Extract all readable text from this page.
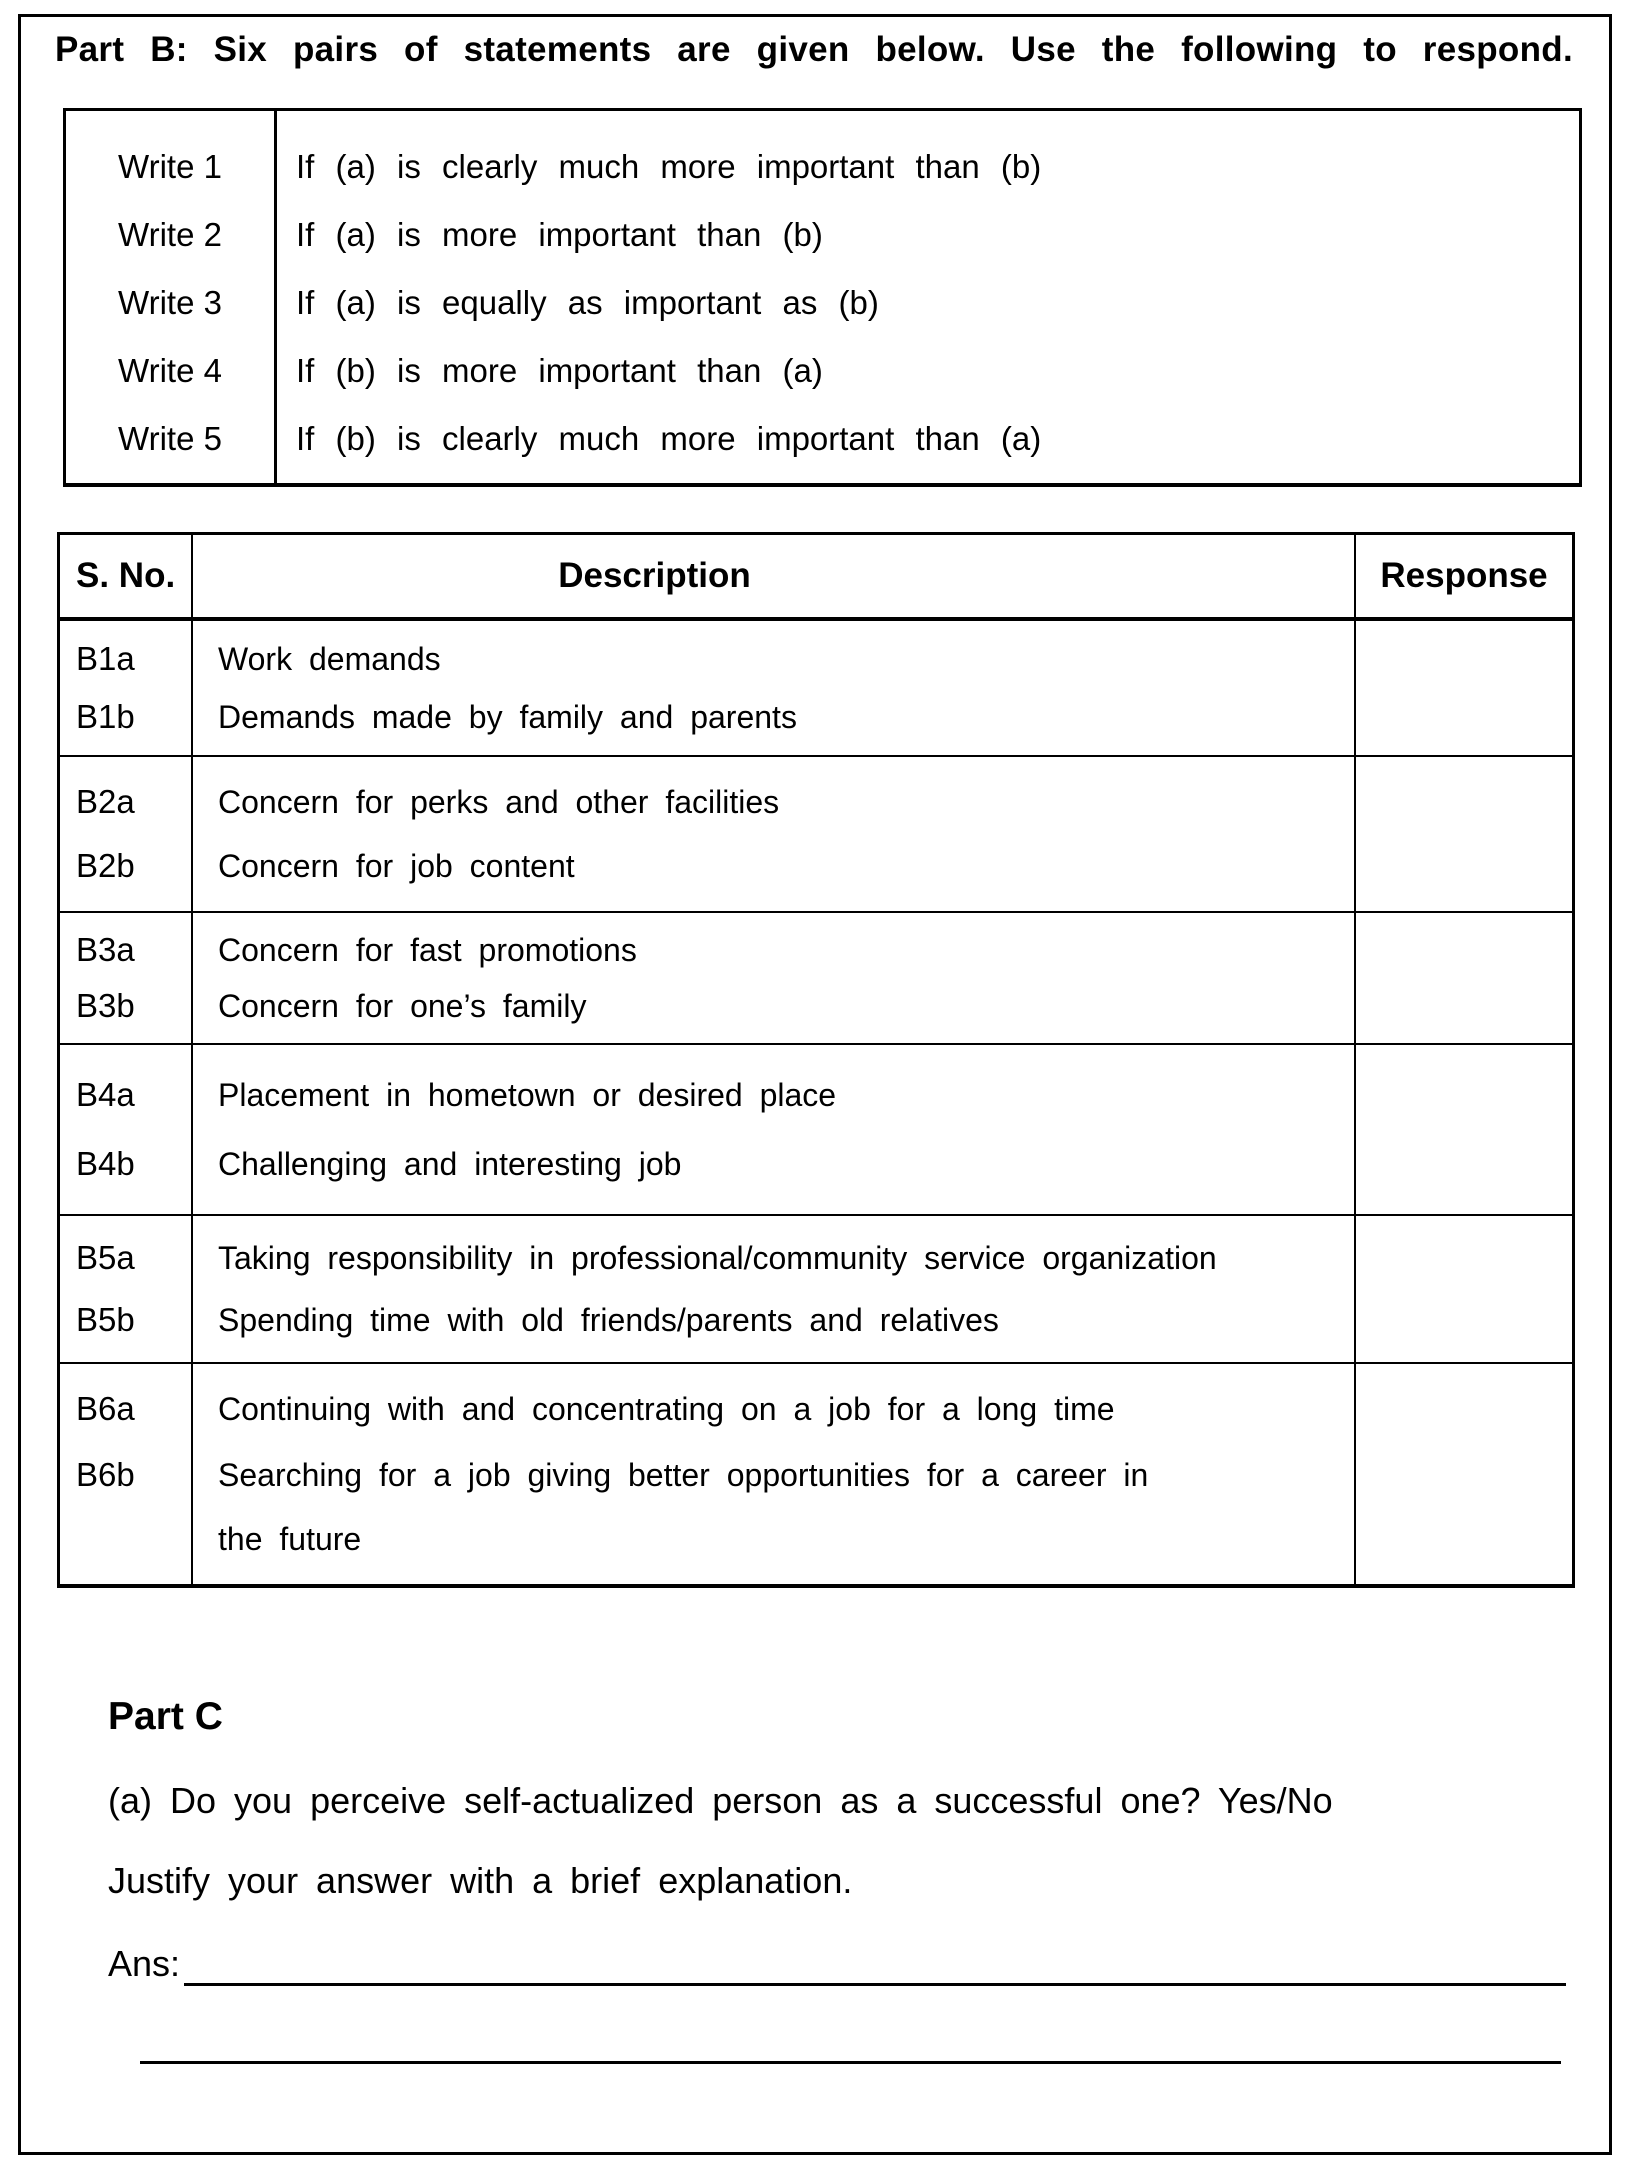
Part B: Six pairs of statements are given below. Use the following to respond.
Write 1
Write 2
Write 3
Write 4
Write 5
If (a) is clearly much more important than (b)
If (a) is more important than (b)
If (a) is equally as important as (b)
If (b) is more important than (a)
If (b) is clearly much more important than (a)
S. No.	Description	Response
B1a
B1b
Work demands
Demands made by family and parents
B2a
B2b
Concern for perks and other facilities
Concern for job content
B3a
B3b
Concern for fast promotions
Concern for one’s family
B4a
B4b
Placement in hometown or desired place
Challenging and interesting job
B5a
B5b
Taking responsibility in professional/community service organization
Spending time with old friends/parents and relatives
B6a
B6b
Continuing with and concentrating on a job for a long time
Searching for a job giving better opportunities for a career in
the future
Part C
(a) Do you perceive self-actualized person as a successful one? Yes/No
Justify your answer with a brief explanation.
Ans:
